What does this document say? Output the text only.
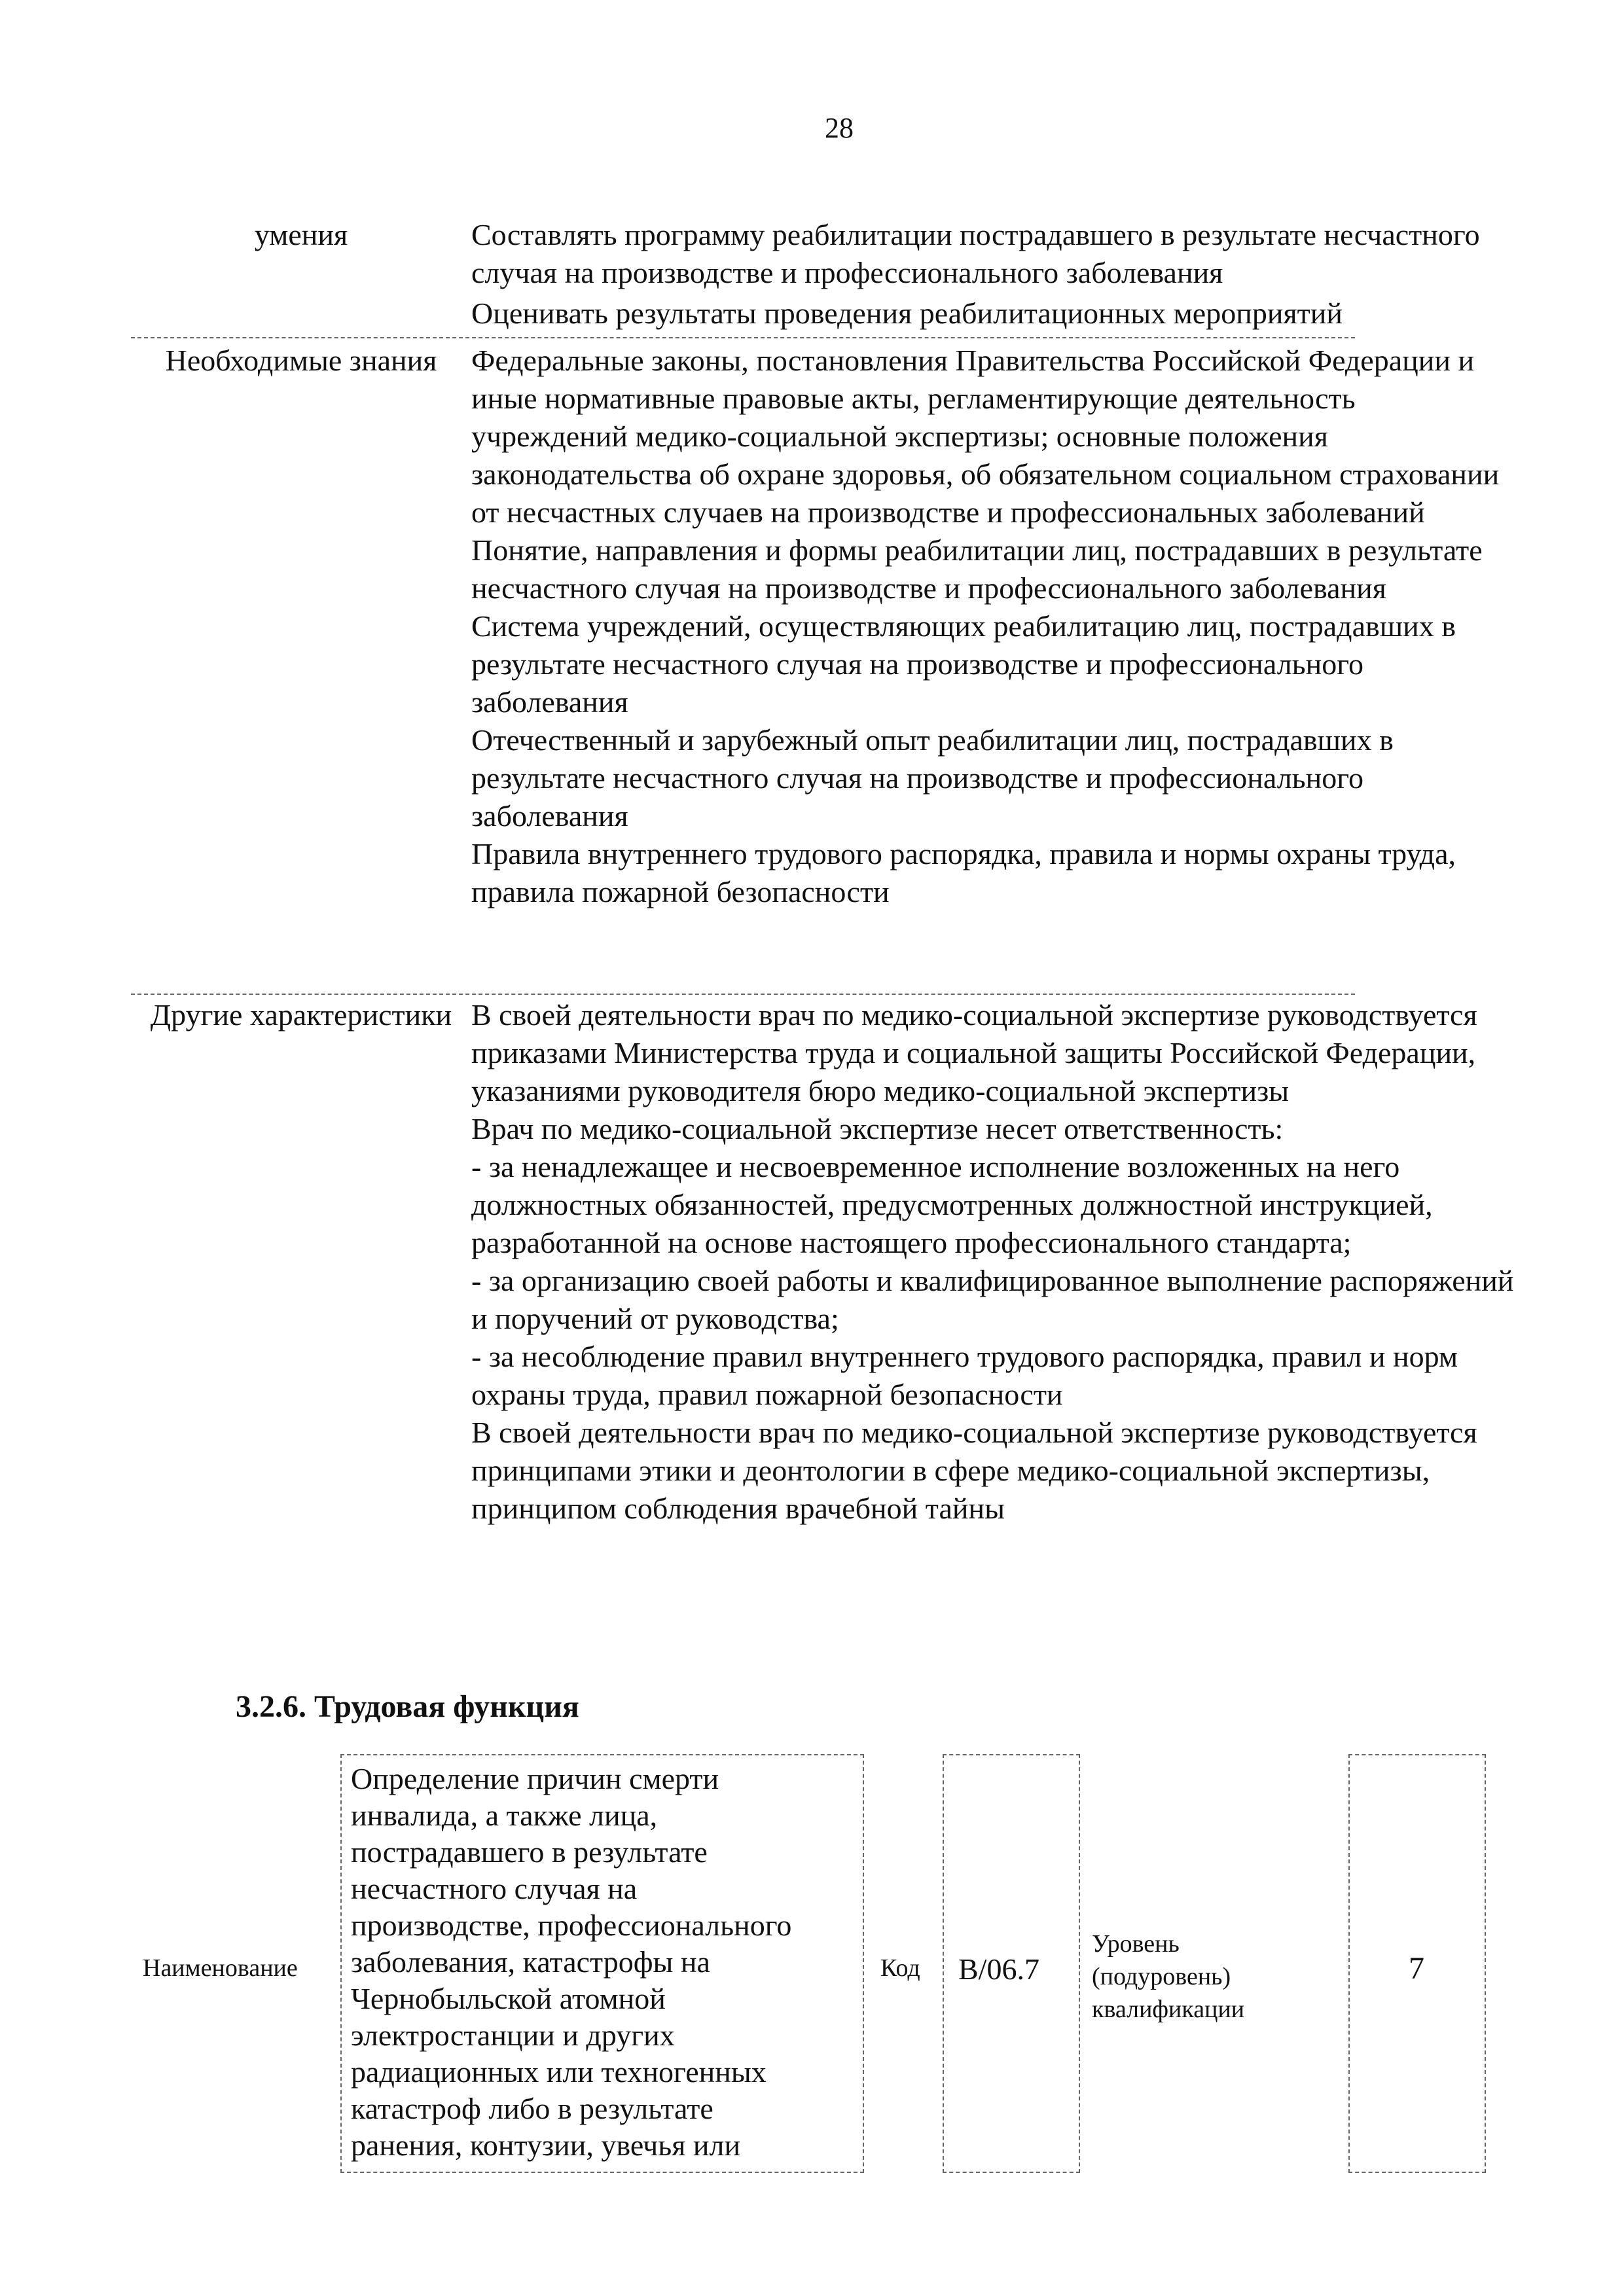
28
умения	Составлять программу реабилитации пострадавшего в результате несчастного случая на производстве и профессионального заболевания

Оценивать результаты проведения реабилитационных мероприятий

Необходимые знания	Федеральные законы, постановления Правительства Российской Федерации и иные нормативные правовые акты, регламентирующие деятельность учреждений медико-социальной экспертизы; основные положения законодательства об охране здоровья, об обязательном социальном страховании от несчастных случаев на производстве и профессиональных заболеваний

Понятие, направления и формы реабилитации лиц, пострадавших в результате несчастного случая на производстве и профессионального заболевания

Система учреждений, осуществляющих реабилитацию лиц, пострадавших в результате несчастного случая на производстве и профессионального заболевания

Отечественный и зарубежный опыт реабилитации лиц, пострадавших в результате несчастного случая на производстве и профессионального заболевания

Правила внутреннего трудового распорядка, правила и нормы охраны труда, правила пожарной безопасности

Другие характеристики В своей деятельности врач по медико-социальной экспертизе руководствуется приказами Министерства труда и социальной защиты Российской Федерации, указаниями руководителя бюро медико-социальной экспертизы

Врач по медико-социальной экспертизе несет ответственность:

- за ненадлежащее и несвоевременное исполнение возложенных на него должностных обязанностей, предусмотренных должностной инструкцией, разработанной на основе настоящего профессионального стандарта;

- за организацию своей работы и квалифицированное выполнение распоряжений и поручений от руководства;

- за несоблюдение правил внутреннего трудового распорядка, правил и норм охраны труда, правил пожарной безопасности

В своей деятельности врач по медико-социальной экспертизе руководствуется принципами этики и деонтологии в сфере медико-социальной экспертизы, принципом соблюдения врачебной тайны

3.2.6. Трудовая функция
Наименование
Определение причин смерти
инвалида, а также лица,
пострадавшего в результате
несчастного случая на
производстве, профессионального
заболевания, катастрофы на
Чернобыльской атомной
электростанции и других
радиационных или техногенных
катастроф либо в результате
ранения, контузии, увечья или
Код B/06.7
Уровень
(подуровень)
квалификации
7
